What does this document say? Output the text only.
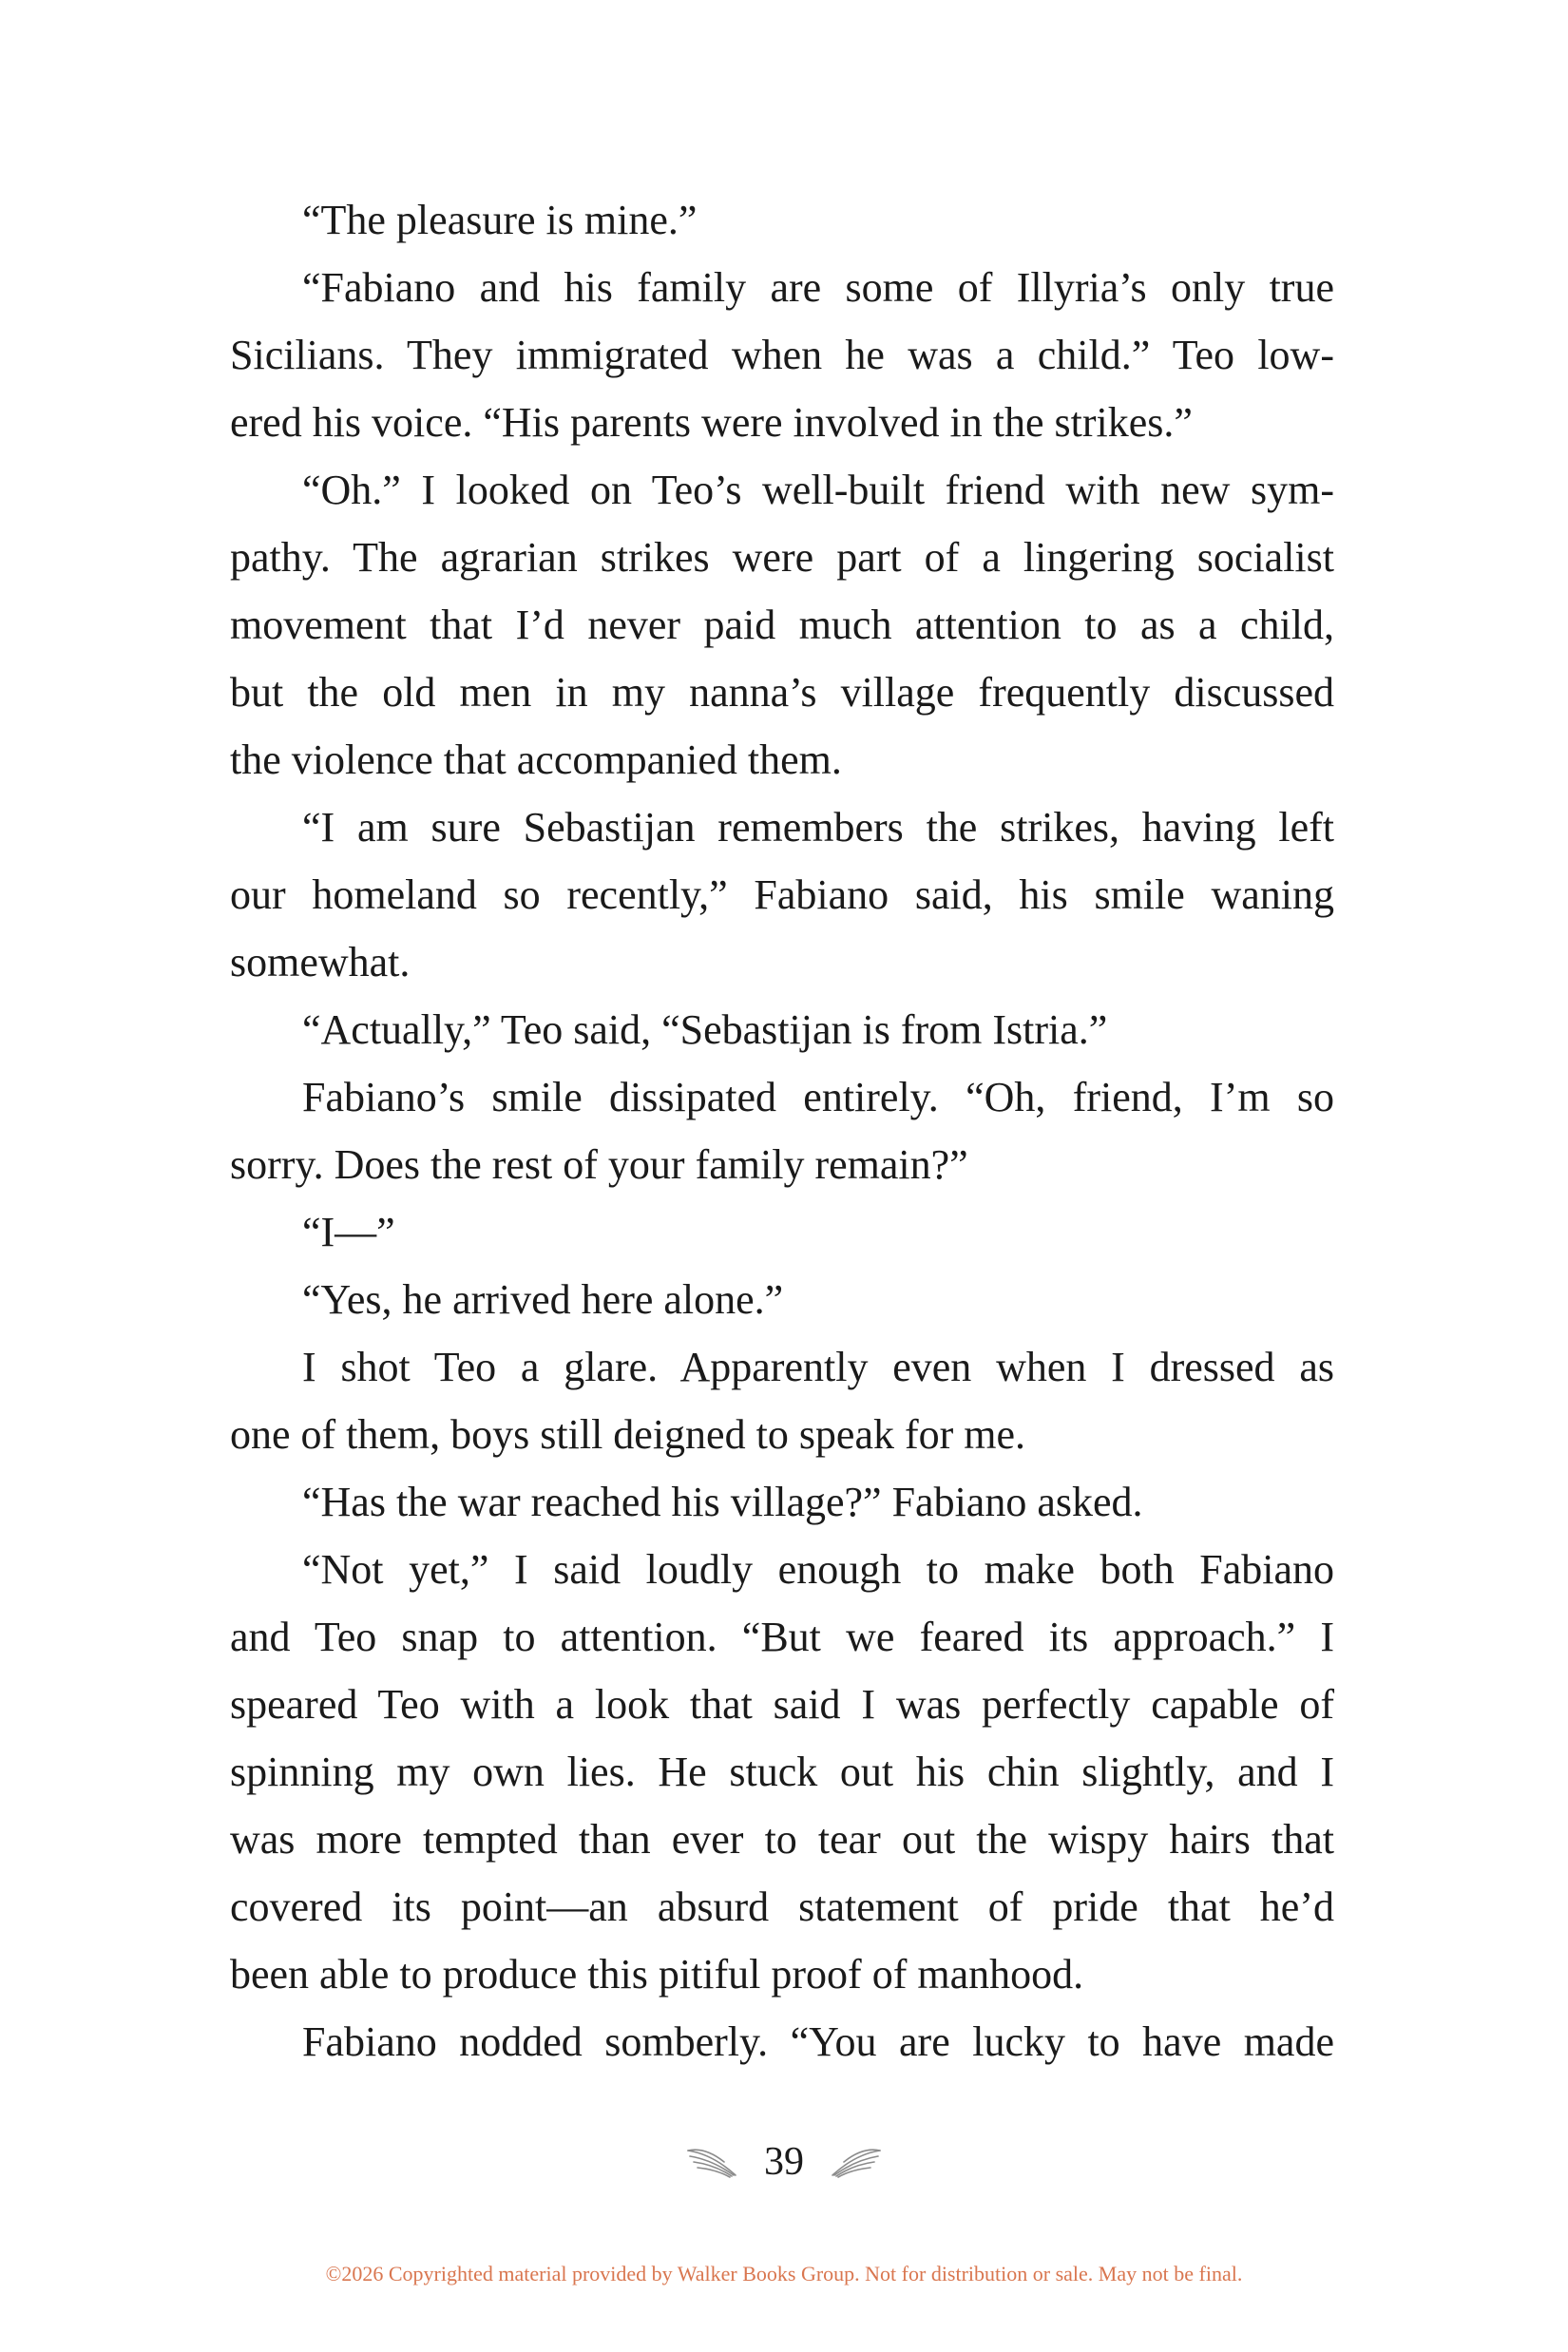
“The pleasure is mine.”
“Fabiano and his family are some of Illyria’s only true
Sicilians. They immigrated when he was a child.” Teo low-
ered his voice. “His parents were involved in the strikes.”
“Oh.” I looked on Teo’s well-built friend with new sym-
pathy. The agrarian strikes were part of a lingering socialist
movement that I’d never paid much attention to as a child,
but the old men in my nanna’s village frequently discussed
the violence that accompanied them.
“I am sure Sebastijan remembers the strikes, having left
our homeland so recently,” Fabiano said, his smile waning
somewhat.
“Actually,” Teo said, “Sebastijan is from Istria.”
Fabiano’s smile dissipated entirely. “Oh, friend, I’m so
sorry. Does the rest of your family remain?”
“I—”
“Yes, he arrived here alone.”
I shot Teo a glare. Apparently even when I dressed as
one of them, boys still deigned to speak for me.
“Has the war reached his village?” Fabiano asked.
“Not yet,” I said loudly enough to make both Fabiano
and Teo snap to attention. “But we feared its approach.” I
speared Teo with a look that said I was perfectly capable of
spinning my own lies. He stuck out his chin slightly, and I
was more tempted than ever to tear out the wispy hairs that
covered its point—an absurd statement of pride that he’d
been able to produce this pitiful proof of manhood.
Fabiano nodded somberly. “You are lucky to have made
39
©2026 Copyrighted material provided by Walker Books Group. Not for distribution or sale. May not be final.
